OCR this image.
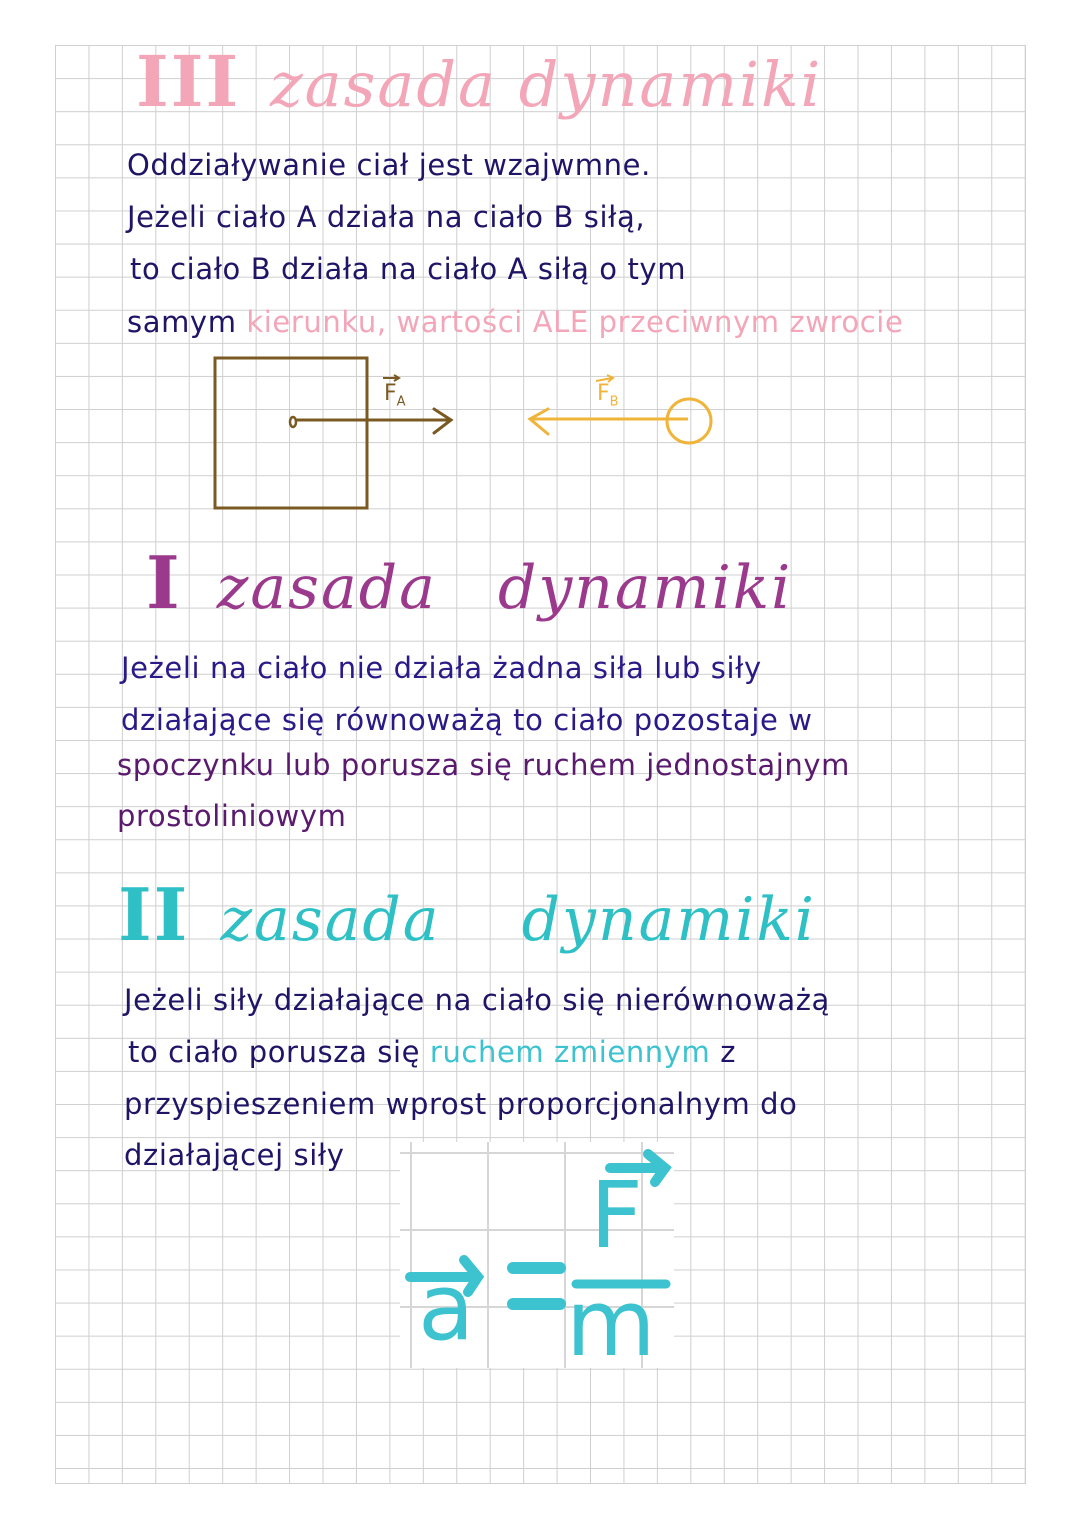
III zasada dynamiki
Oddziaływanie ciał jest wzajwmne.
Jeżeli ciało A działa na ciało B siłą,
to ciało B działa na ciało A siłą o tym
samym kierunku, wartości ALE przeciwnym zwrocie
$F_A$	$F_B$
I zasada dynamiki
Jeżeli na ciało nie działa żadna siła lub siły
działające się równoważą to ciało pozostaje w
spoczynku lub porusza się ruchem jednostajnym
prostoliniowym
II zasada dynamiki
Jeżeli siły działające na ciało się nierównoważą
to ciało porusza się ruchem zmiennym z
przyspieszeniem wprost proporcjonalnym do
działającej siły
a
F
m
